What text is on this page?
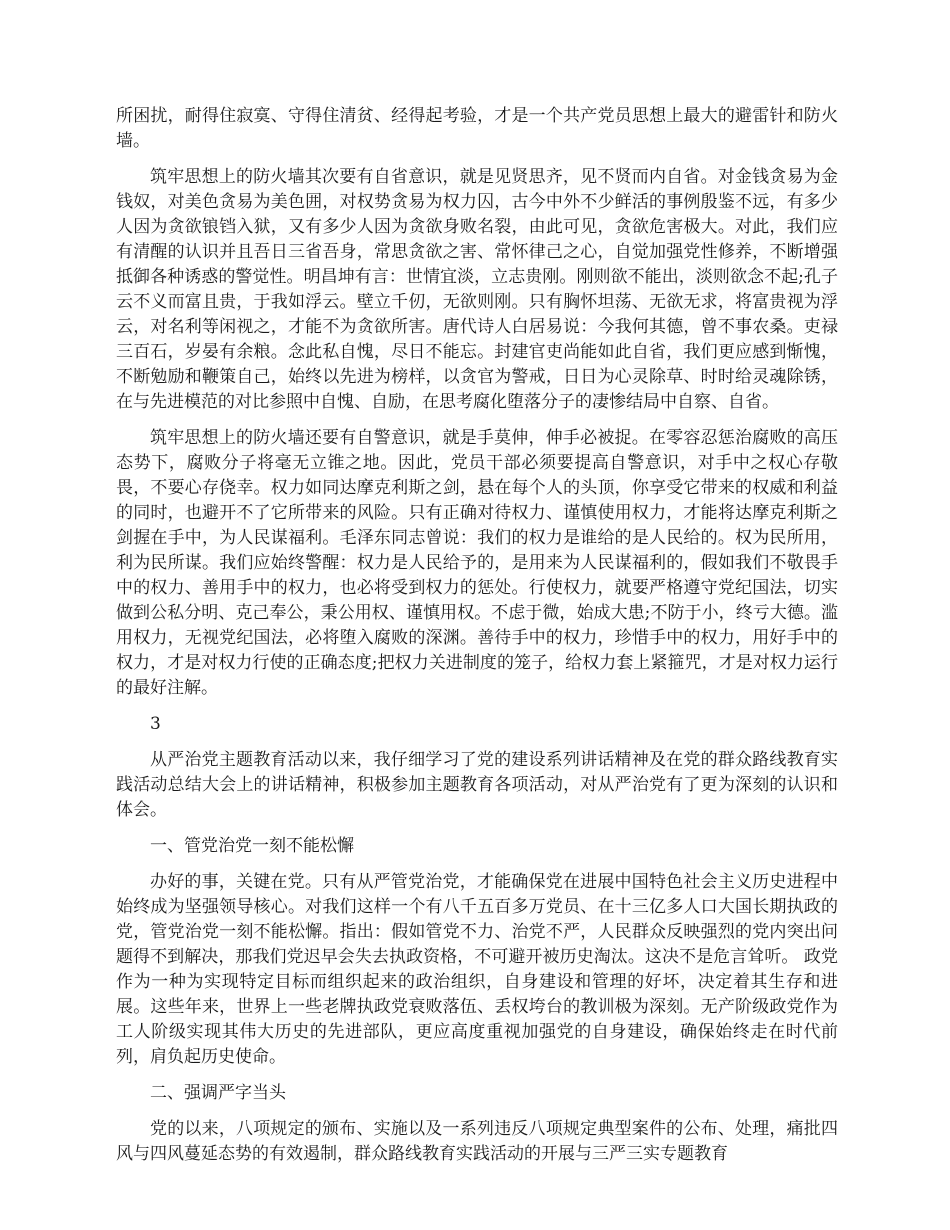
所困扰，耐得住寂寞、守得住清贫、经得起考验，才是一个共产党员思想上最大的避雷针和防火墙。

筑牢思想上的防火墙其次要有自省意识，就是见贤思齐，见不贤而内自省。对金钱贪易为金钱奴，对美色贪易为美色囲，对权势贪易为权力囚，古今中外不少鲜活的事例殷鉴不远，有多少人因为贪欲锒铛入狱，又有多少人因为贪欲身败名裂，由此可见，贪欲危害极大。对此，我们应有清醒的认识并且吾日三省吾身，常思贪欲之害、常怀律己之心，自觉加强党性修养，不断增强抵御各种诱惑的警觉性。明昌坤有言：世情宜淡，立志贵刚。刚则欲不能出，淡则欲念不起;孔子云不义而富且贵，于我如浮云。壁立千仞，无欲则刚。只有胸怀坦荡、无欲无求，将富贵视为浮云，对名利等闲视之，才能不为贪欲所害。唐代诗人白居易说：今我何其德，曾不事农桑。吏禄三百石，岁晏有余粮。念此私自愧，尽日不能忘。封建官吏尚能如此自省，我们更应感到惭愧，不断勉励和鞭策自己，始终以先进为榜样，以贪官为警戒，日日为心灵除草、时时给灵魂除锈，在与先进模范的对比参照中自愧、自励，在思考腐化堕落分子的凄惨结局中自察、自省。

筑牢思想上的防火墙还要有自警意识，就是手莫伸，伸手必被捉。在零容忍惩治腐败的高压态势下，腐败分子将毫无立锥之地。因此，党员干部必须要提高自警意识，对手中之权心存敬畏，不要心存侥幸。权力如同达摩克利斯之剑，悬在每个人的头顶，你享受它带来的权威和利益的同时，也避开不了它所带来的风险。只有正确对待权力、谨慎使用权力，才能将达摩克利斯之剑握在手中，为人民谋福利。毛泽东同志曾说：我们的权力是谁给的是人民给的。权为民所用，利为民所谋。我们应始终警醒：权力是人民给予的，是用来为人民谋福利的，假如我们不敬畏手中的权力、善用手中的权力，也必将受到权力的惩处。行使权力，就要严格遵守党纪国法，切实做到公私分明、克己奉公，秉公用权、谨慎用权。不虑于微，始成大患;不防于小，终亏大德。滥用权力，无视党纪国法，必将堕入腐败的深渊。善待手中的权力，珍惜手中的权力，用好手中的权力，才是对权力行使的正确态度;把权力关进制度的笼子，给权力套上紧箍咒，才是对权力运行的最好注解。

3

从严治党主题教育活动以来，我仔细学习了党的建设系列讲话精神及在党的群众路线教育实践活动总结大会上的讲话精神，积极参加主题教育各项活动，对从严治党有了更为深刻的认识和体会。

一、管党治党一刻不能松懈

办好的事，关键在党。只有从严管党治党，才能确保党在进展中国特色社会主义历史进程中始终成为坚强领导核心。对我们这样一个有八千五百多万党员、在十三亿多人口大国长期执政的党，管党治党一刻不能松懈。指出：假如管党不力、治党不严，人民群众反映强烈的党内突出问题得不到解决，那我们党迟早会失去执政资格，不可避开被历史淘汰。这决不是危言耸听。 政党作为一种为实现特定目标而组织起来的政治组织，自身建设和管理的好坏，决定着其生存和进展。这些年来，世界上一些老牌执政党衰败落伍、丢权垮台的教训极为深刻。无产阶级政党作为工人阶级实现其伟大历史的先进部队，更应高度重视加强党的自身建设，确保始终走在时代前列，肩负起历史使命。

二、强调严字当头

党的以来，八项规定的颁布、实施以及一系列违反八项规定典型案件的公布、处理，痛批四风与四风蔓延态势的有效遏制，群众路线教育实践活动的开展与三严三实专题教育
